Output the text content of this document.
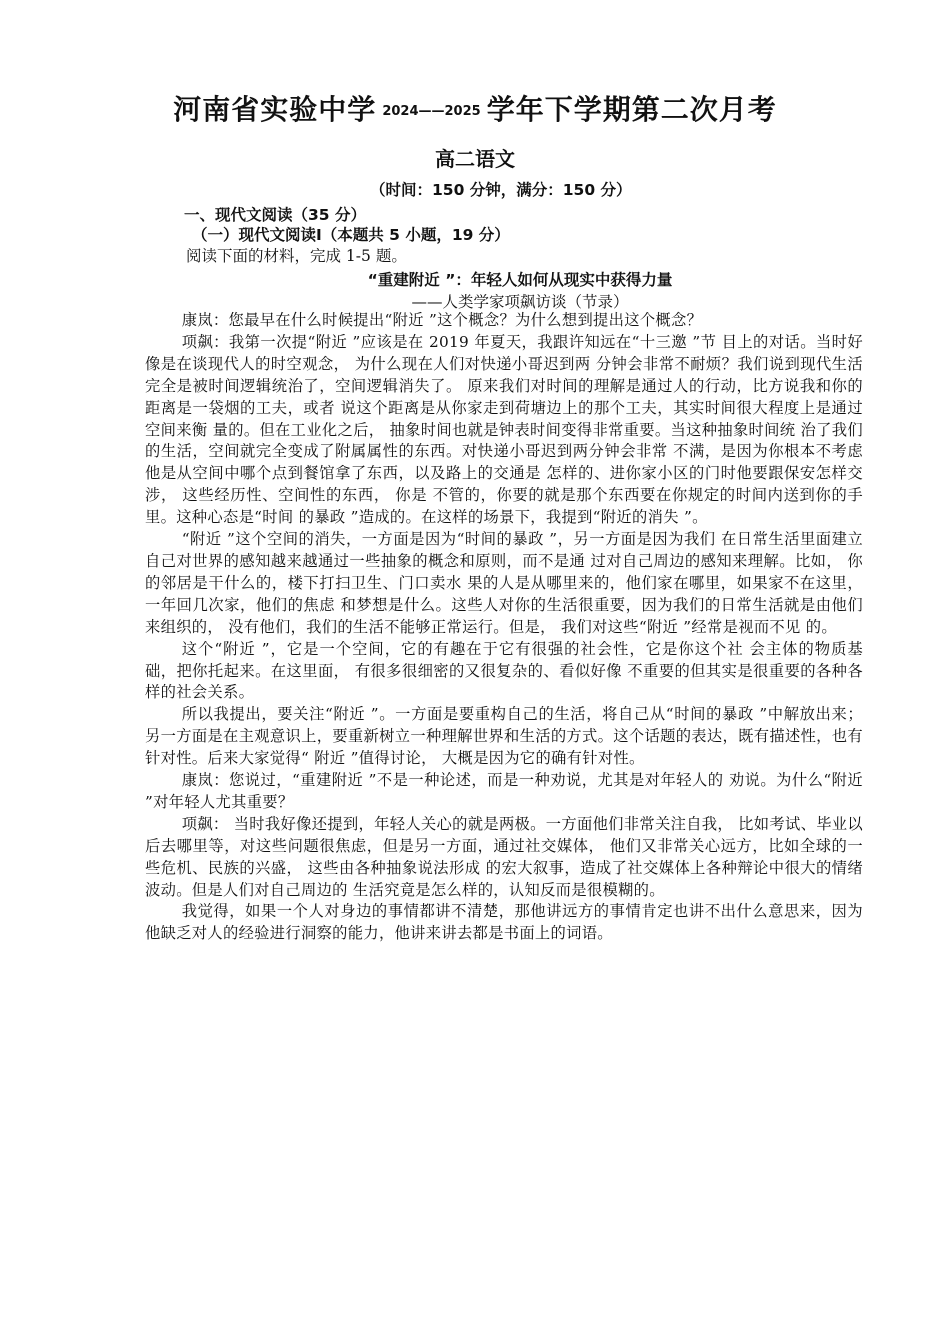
河南省实验中学 2024——2025 学年下学期第二次月考
高二语文
（时间：150 分钟，满分：150 分）
一、现代文阅读（35 分）
（一）现代文阅读Ⅰ（本题共 5 小题，19 分）
阅读下面的材料，完成 1-5 题。
“重建附近 ”：年轻人如何从现实中获得力量
——人类学家项飙访谈（节录）

康岚：您最早在什么时候提出“附近 ”这个概念？为什么想到提出这个概念？

项飙：我第一次提“附近 ”应该是在 2019 年夏天，我跟许知远在“十三邀 ”节 目上的对话。当时好像是在谈现代人的时空观念， 为什么现在人们对快递小哥迟到两 分钟会非常不耐烦？我们说到现代生活完全是被时间逻辑统治了，空间逻辑消失了。 原来我们对时间的理解是通过人的行动，比方说我和你的距离是一袋烟的工夫，或者 说这个距离是从你家走到荷塘边上的那个工夫，其实时间很大程度上是通过空间来衡 量的。但在工业化之后， 抽象时间也就是钟表时间变得非常重要。当这种抽象时间统 治了我们的生活，空间就完全变成了附属属性的东西。对快递小哥迟到两分钟会非常 不满，是因为你根本不考虑他是从空间中哪个点到餐馆拿了东西，以及路上的交通是 怎样的、进你家小区的门时他要跟保安怎样交涉， 这些经历性、空间性的东西， 你是 不管的，你要的就是那个东西要在你规定的时间内送到你的手里。这种心态是“时间 的暴政 ”造成的。在这样的场景下，我提到“附近的消失 ”。

“附近 ”这个空间的消失，一方面是因为“时间的暴政 ”，另一方面是因为我们 在日常生活里面建立自己对世界的感知越来越通过一些抽象的概念和原则，而不是通 过对自己周边的感知来理解。比如， 你的邻居是干什么的，楼下打扫卫生、门口卖水 果的人是从哪里来的，他们家在哪里，如果家不在这里，一年回几次家，他们的焦虑 和梦想是什么。这些人对你的生活很重要，因为我们的日常生活就是由他们来组织的， 没有他们，我们的生活不能够正常运行。但是， 我们对这些“附近 ”经常是视而不见 的。

这个“附近 ”，它是一个空间，它的有趣在于它有很强的社会性，它是你这个社 会主体的物质基础，把你托起来。在这里面， 有很多很细密的又很复杂的、看似好像 不重要的但其实是很重要的各种各样的社会关系。

所以我提出，要关注“附近 ”。一方面是要重构自己的生活，将自己从“时间的暴政 ”中解放出来；另一方面是在主观意识上，要重新树立一种理解世界和生活的方式。这个话题的表达，既有描述性，也有针对性。后来大家觉得“ 附近 ”值得讨论， 大概是因为它的确有针对性。

康岚：您说过，“重建附近 ”不是一种论述，而是一种劝说，尤其是对年轻人的 劝说。为什么“附近 ”对年轻人尤其重要？

项飙： 当时我好像还提到，年轻人关心的就是两极。一方面他们非常关注自我， 比如考试、毕业以后去哪里等，对这些问题很焦虑，但是另一方面，通过社交媒体， 他们又非常关心远方，比如全球的一些危机、民族的兴盛， 这些由各种抽象说法形成 的宏大叙事，造成了社交媒体上各种辩论中很大的情绪波动。但是人们对自己周边的 生活究竟是怎么样的，认知反而是很模糊的。

我觉得，如果一个人对身边的事情都讲不清楚，那他讲远方的事情肯定也讲不出什么意思来，因为他缺乏对人的经验进行洞察的能力，他讲来讲去都是书面上的词语。
